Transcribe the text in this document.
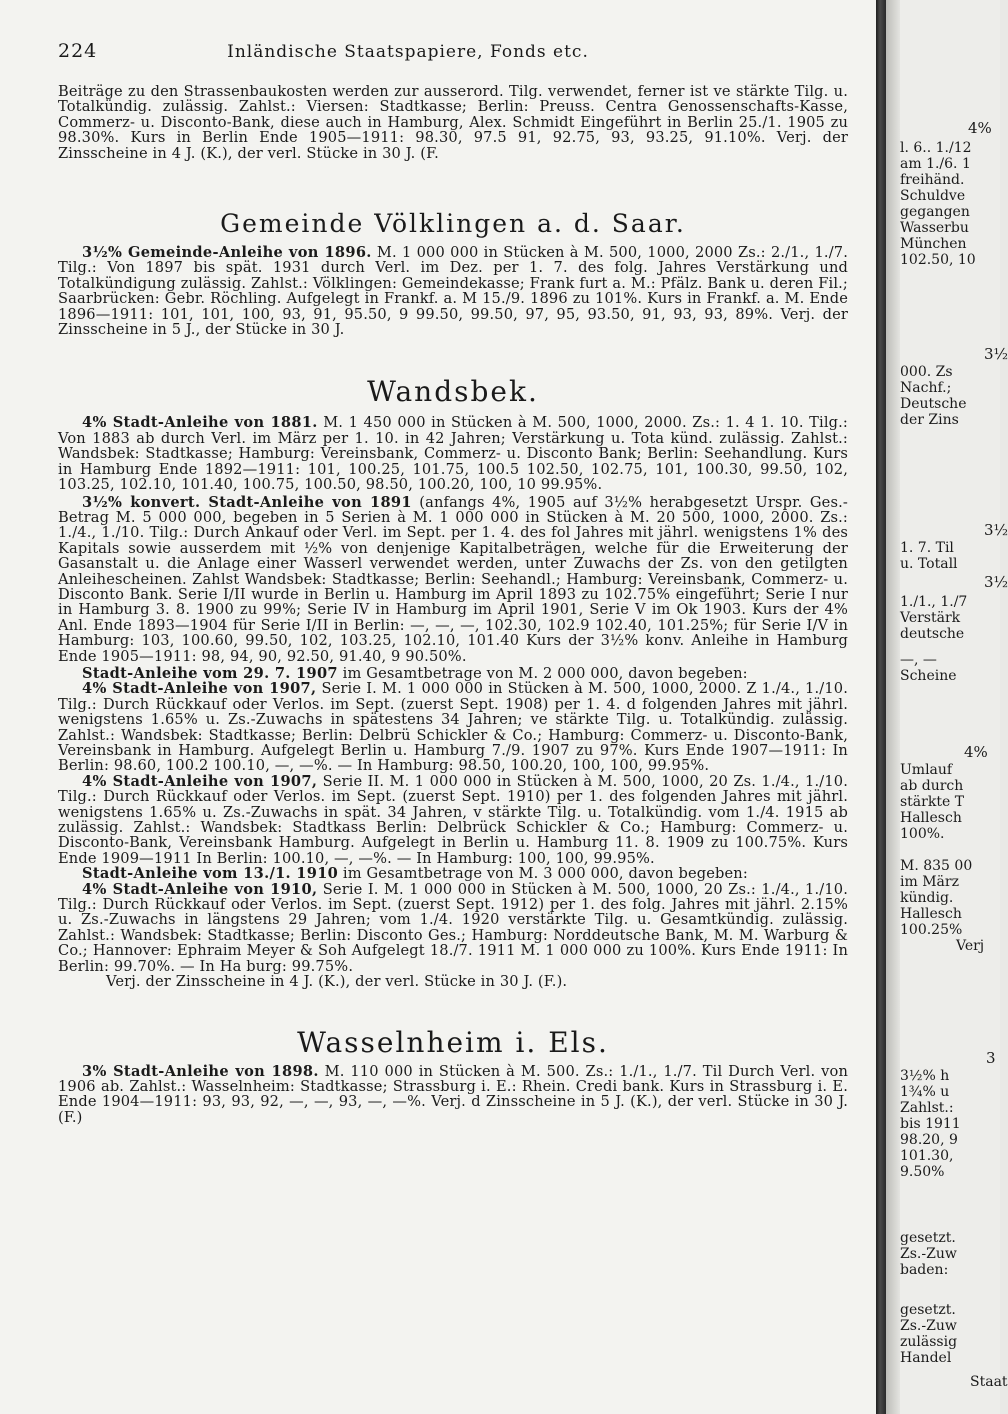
224	Inländische Staatspapiere, Fonds etc.

Beiträge zu den Strassenbaukosten werden zur ausserord. Tilg. verwendet, ferner ist ve stärkte Tilg. u. Totalkündig. zulässig. Zahlst.: Viersen: Stadtkasse; Berlin: Preuss. Centra Genossenschafts-Kasse, Commerz- u. Disconto-Bank, diese auch in Hamburg, Alex. Schmidt Eingeführt in Berlin 25./1. 1905 zu 98.30%. Kurs in Berlin Ende 1905—1911: 98.30, 97.5 91, 92.75, 93, 93.25, 91.10%. Verj. der Zinsscheine in 4 J. (K.), der verl. Stücke in 30 J. (F.

Gemeinde Völklingen a. d. Saar.

3½% Gemeinde-Anleihe von 1896. M. 1 000 000 in Stücken à M. 500, 1000, 2000 Zs.: 2./1., 1./7. Tilg.: Von 1897 bis spät. 1931 durch Verl. im Dez. per 1. 7. des folg. Jahres Verstärkung und Totalkündigung zulässig. Zahlst.: Völklingen: Gemeindekasse; Frank furt a. M.: Pfälz. Bank u. deren Fil.; Saarbrücken: Gebr. Röchling. Aufgelegt in Frankf. a. M 15./9. 1896 zu 101%. Kurs in Frankf. a. M. Ende 1896—1911: 101, 101, 100, 93, 91, 95.50, 9 99.50, 99.50, 97, 95, 93.50, 91, 93, 93, 89%. Verj. der Zinsscheine in 5 J., der Stücke in 30 J.

Wandsbek.

4% Stadt-Anleihe von 1881. M. 1 450 000 in Stücken à M. 500, 1000, 2000. Zs.: 1. 4 1. 10. Tilg.: Von 1883 ab durch Verl. im März per 1. 10. in 42 Jahren; Verstärkung u. Tota künd. zulässig. Zahlst.: Wandsbek: Stadtkasse; Hamburg: Vereinsbank, Commerz- u. Disconto Bank; Berlin: Seehandlung. Kurs in Hamburg Ende 1892—1911: 101, 100.25, 101.75, 100.5 102.50, 102.75, 101, 100.30, 99.50, 102, 103.25, 102.10, 101.40, 100.75, 100.50, 98.50, 100.20, 100, 10 99.95%.

3½% konvert. Stadt-Anleihe von 1891 (anfangs 4%, 1905 auf 3½% herabgesetzt Urspr. Ges.-Betrag M. 5 000 000, begeben in 5 Serien à M. 1 000 000 in Stücken à M. 20 500, 1000, 2000. Zs.: 1./4., 1./10. Tilg.: Durch Ankauf oder Verl. im Sept. per 1. 4. des fol Jahres mit jährl. wenigstens 1% des Kapitals sowie ausserdem mit ½% von denjenige Kapitalbeträgen, welche für die Erweiterung der Gasanstalt u. die Anlage einer Wasserl verwendet werden, unter Zuwachs der Zs. von den getilgten Anleihescheinen. Zahlst Wandsbek: Stadtkasse; Berlin: Seehandl.; Hamburg: Vereinsbank, Commerz- u. Disconto Bank. Serie I/II wurde in Berlin u. Hamburg im April 1893 zu 102.75% eingeführt; Serie I nur in Hamburg 3. 8. 1900 zu 99%; Serie IV in Hamburg im April 1901, Serie V im Ok 1903. Kurs der 4% Anl. Ende 1893—1904 für Serie I/II in Berlin: —, —, —, 102.30, 102.9 102.40, 101.25%; für Serie I/V in Hamburg: 103, 100.60, 99.50, 102, 103.25, 102.10, 101.40 Kurs der 3½% konv. Anleihe in Hamburg Ende 1905—1911: 98, 94, 90, 92.50, 91.40, 9 90.50%.

Stadt-Anleihe vom 29. 7. 1907 im Gesamtbetrage von M. 2 000 000, davon begeben:

4% Stadt-Anleihe von 1907, Serie I. M. 1 000 000 in Stücken à M. 500, 1000, 2000. Z 1./4., 1./10. Tilg.: Durch Rückkauf oder Verlos. im Sept. (zuerst Sept. 1908) per 1. 4. d folgenden Jahres mit jährl. wenigstens 1.65% u. Zs.-Zuwachs in spätestens 34 Jahren; ve stärkte Tilg. u. Totalkündig. zulässig. Zahlst.: Wandsbek: Stadtkasse; Berlin: Delbrü Schickler & Co.; Hamburg: Commerz- u. Disconto-Bank, Vereinsbank in Hamburg. Aufgelegt Berlin u. Hamburg 7./9. 1907 zu 97%. Kurs Ende 1907—1911: In Berlin: 98.60, 100.2 100.10, —, —%. — In Hamburg: 98.50, 100.20, 100, 100, 99.95%.

4% Stadt-Anleihe von 1907, Serie II. M. 1 000 000 in Stücken à M. 500, 1000, 20 Zs. 1./4., 1./10. Tilg.: Durch Rückkauf oder Verlos. im Sept. (zuerst Sept. 1910) per 1. des folgenden Jahres mit jährl. wenigstens 1.65% u. Zs.-Zuwachs in spät. 34 Jahren, v stärkte Tilg. u. Totalkündig. vom 1./4. 1915 ab zulässig. Zahlst.: Wandsbek: Stadtkass Berlin: Delbrück Schickler & Co.; Hamburg: Commerz- u. Disconto-Bank, Vereinsbank Hamburg. Aufgelegt in Berlin u. Hamburg 11. 8. 1909 zu 100.75%. Kurs Ende 1909—1911 In Berlin: 100.10, —, —%. — In Hamburg: 100, 100, 99.95%.

Stadt-Anleihe vom 13./1. 1910 im Gesamtbetrage von M. 3 000 000, davon begeben:

4% Stadt-Anleihe von 1910, Serie I. M. 1 000 000 in Stücken à M. 500, 1000, 20 Zs.: 1./4., 1./10. Tilg.: Durch Rückkauf oder Verlos. im Sept. (zuerst Sept. 1912) per 1. des folg. Jahres mit jährl. 2.15% u. Zs.-Zuwachs in längstens 29 Jahren; vom 1./4. 1920 verstärkte Tilg. u. Gesamtkündig. zulässig. Zahlst.: Wandsbek: Stadtkasse; Berlin: Disconto Ges.; Hamburg: Norddeutsche Bank, M. M. Warburg & Co.; Hannover: Ephraim Meyer & Soh Aufgelegt 18./7. 1911 M. 1 000 000 zu 100%. Kurs Ende 1911: In Berlin: 99.70%. — In Ha burg: 99.75%.

Verj. der Zinsscheine in 4 J. (K.), der verl. Stücke in 30 J. (F.).

Wasselnheim i. Els.

3% Stadt-Anleihe von 1898. M. 110 000 in Stücken à M. 500. Zs.: 1./1., 1./7. Til Durch Verl. von 1906 ab. Zahlst.: Wasselnheim: Stadtkasse; Strassburg i. E.: Rhein. Credi bank. Kurs in Strassburg i. E. Ende 1904—1911: 93, 93, 92, —, —, 93, —, —%. Verj. d Zinsscheine in 5 J. (K.), der verl. Stücke in 30 J. (F.)

4%
l. 6.. 1./12
am 1./6. 1
freihänd.
Schuldve
gegangen
Wasserbu
München
102.50, 10
3½
000. Zs
Nachf.;
Deutsche
der Zins
3½
1. 7. Til
u. Totall
3½
1./1., 1./7
Verstärk
deutsche
—, —
Scheine
4%
Umlauf
ab durch
stärkte T
Hallesch
100%.
M. 835 00
im März
kündig.
Hallesch
100.25%
Verj
3
3½% h
1¾% u
Zahlst.:
bis 1911
98.20, 9
101.30,
9.50%
gesetzt.
Zs.-Zuw
baden:
gesetzt.
Zs.-Zuw
zulässig
Handel
Staat
